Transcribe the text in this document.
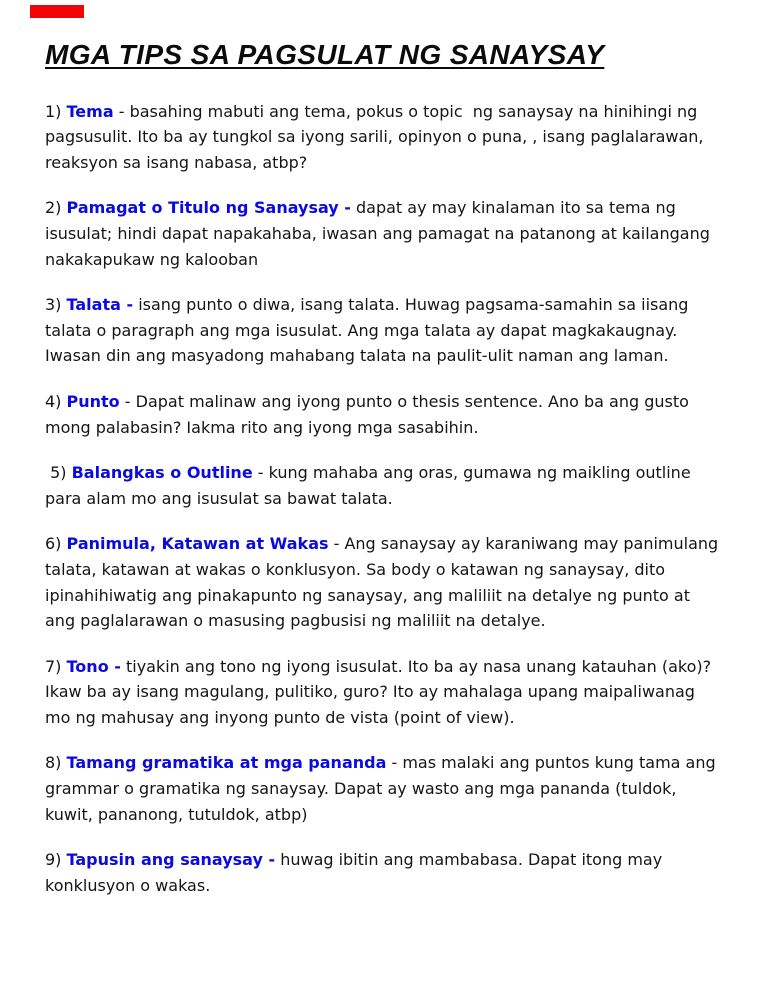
MGA TIPS SA PAGSULAT NG SANAYSAY

1) Tema - basahing mabuti ang tema, pokus o topic  ng sanaysay na hinihingi ng pagsusulit. Ito ba ay tungkol sa iyong sarili, opinyon o puna, , isang paglalarawan, reaksyon sa isang nabasa, atbp?

2) Pamagat o Titulo ng Sanaysay - dapat ay may kinalaman ito sa tema ng isusulat; hindi dapat napakahaba, iwasan ang pamagat na patanong at kailangang nakakapukaw ng kalooban

3) Talata - isang punto o diwa, isang talata. Huwag pagsama-samahin sa iisang talata o paragraph ang mga isusulat. Ang mga talata ay dapat magkakaugnay. Iwasan din ang masyadong mahabang talata na paulit-ulit naman ang laman.

4) Punto - Dapat malinaw ang iyong punto o thesis sentence. Ano ba ang gusto mong palabasin? Iakma rito ang iyong mga sasabihin.

5) Balangkas o Outline - kung mahaba ang oras, gumawa ng maikling outline para alam mo ang isusulat sa bawat talata.

6) Panimula, Katawan at Wakas - Ang sanaysay ay karaniwang may panimulang talata, katawan at wakas o konklusyon. Sa body o katawan ng sanaysay, dito ipinahihiwatig ang pinakapunto ng sanaysay, ang maliliit na detalye ng punto at ang paglalarawan o masusing pagbusisi ng maliliit na detalye.

7) Tono - tiyakin ang tono ng iyong isusulat. Ito ba ay nasa unang katauhan (ako)? Ikaw ba ay isang magulang, pulitiko, guro? Ito ay mahalaga upang maipaliwanag mo ng mahusay ang inyong punto de vista (point of view).

8) Tamang gramatika at mga pananda - mas malaki ang puntos kung tama ang grammar o gramatika ng sanaysay. Dapat ay wasto ang mga pananda (tuldok, kuwit, pananong, tutuldok, atbp)

9) Tapusin ang sanaysay - huwag ibitin ang mambabasa. Dapat itong may konklusyon o wakas.
